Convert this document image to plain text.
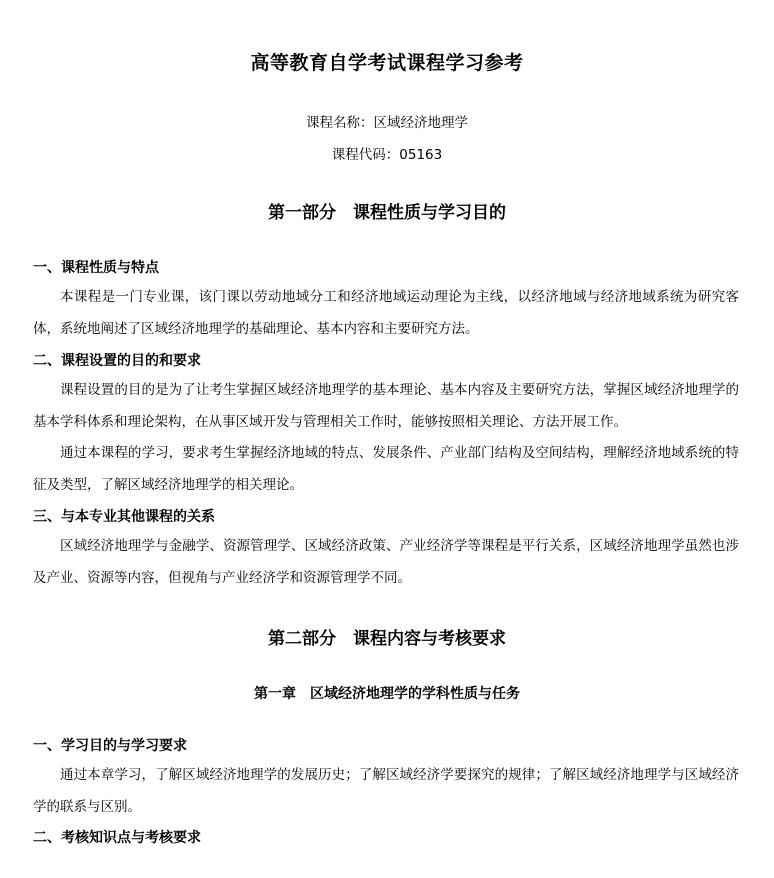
高等教育自学考试课程学习参考
课程名称：区域经济地理学
课程代码：05163
第一部分　课程性质与学习目的
一、课程性质与特点
本课程是一门专业课，该门课以劳动地域分工和经济地域运动理论为主线，以经济地域与经济地域系统为研究客体，系统地阐述了区域经济地理学的基础理论、基本内容和主要研究方法。
二、课程设置的目的和要求
课程设置的目的是为了让考生掌握区域经济地理学的基本理论、基本内容及主要研究方法，掌握区域经济地理学的基本学科体系和理论架构，在从事区域开发与管理相关工作时，能够按照相关理论、方法开展工作。
通过本课程的学习，要求考生掌握经济地域的特点、发展条件、产业部门结构及空间结构，理解经济地域系统的特征及类型，了解区域经济地理学的相关理论。
三、与本专业其他课程的关系
区域经济地理学与金融学、资源管理学、区域经济政策、产业经济学等课程是平行关系，区域经济地理学虽然也涉及产业、资源等内容，但视角与产业经济学和资源管理学不同。
第二部分　课程内容与考核要求
第一章　区域经济地理学的学科性质与任务
一、学习目的与学习要求
通过本章学习，了解区域经济地理学的发展历史；了解区域经济学要探究的规律；了解区域经济地理学与区域经济学的联系与区别。
二、考核知识点与考核要求
